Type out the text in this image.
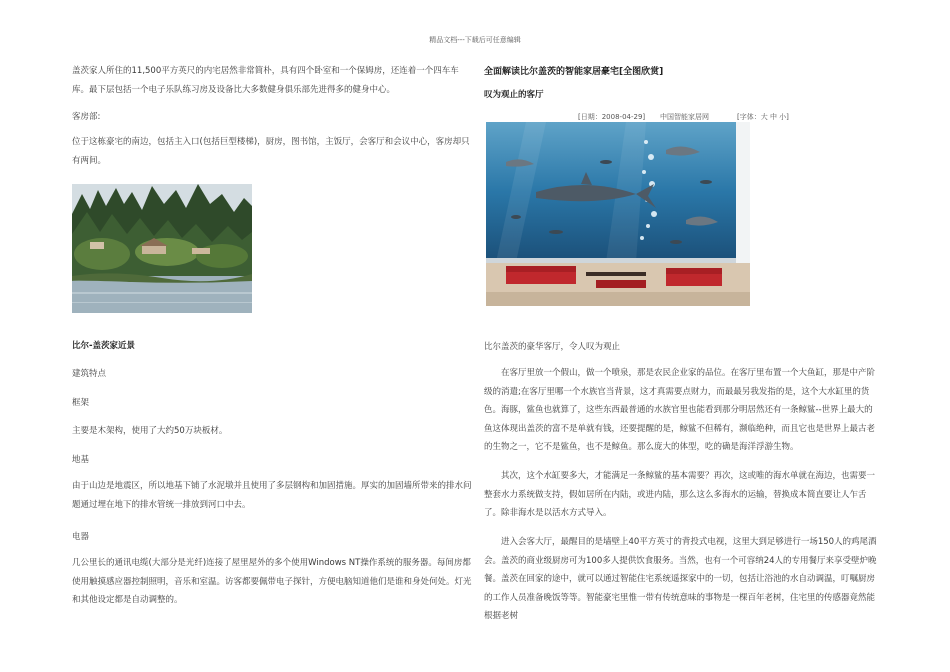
精品文档---下载后可任意编辑

盖茨家人所住的11,500平方英尺的内宅居然非常简朴，具有四个卧室和一个保姆房，还连着一个四车车库。最下层包括一个电子乐队练习房及设备比大多数健身俱乐部先进得多的健身中心。

客房部:

位于这栋豪宅的南边，包括主入口(包括巨型楼梯)，厨房，图书馆，主饭厅，会客厅和会议中心，客房却只有两间。

比尔-盖茨家近景
建筑特点
框架
主要是木架构，使用了大约50万块板材。
地基

由于山边是地震区，所以地基下铺了水泥墩并且使用了多层钢构和加固措施。厚实的加固墙所带来的排水问题通过埋在地下的排水管统一排放到河口中去。

电器

几公里长的通讯电缆(大部分是光纤)连接了屋里屋外的多个使用Windows NT操作系统的服务器。每间房都使用触摸感应器控制照明，音乐和室温。访客都要佩带电子探针，方便电脑知道他们是谁和身处何处。灯光和其他设定都是自动调整的。

全面解读比尔盖茨的智能家居豪宅[全图欣赏]
叹为观止的客厅
[日期：2008-04-29] 中国智能家居网	[字体：大 中 小]
比尔盖茨的豪华客厅，令人叹为观止

在客厅里放一个假山，做一个喷泉，那是农民企业家的品位。在客厅里布置一个大鱼缸，那是中产阶级的消遣;在客厅里哪一个水族官当背景，这才真需要点财力，而最最另我发指的是，这个大水缸里的货色。海豚，鲨鱼也就算了，这些东西最普通的水族官里也能看到那分明居然还有一条鲸鲨--世界上最大的鱼这体现出盖茨的富不是单就有钱，还要提醒的是，鲸鲨不但稀有，濒临绝种，而且它也是世界上最古老的生物之一，它不是鲨鱼，也不是鲸鱼。那么庞大的体型，吃的确是海洋浮游生物。

其次，这个水缸要多大，才能满足一条鲸鲨的基本需要？再次，这或唯的海水单就在海边，也需要一整套水力系统做支持，假如居所在内陆，或进内陆，那么这么多海水的运输，替换成本简直要让人乍舌了。除非海水是以活水方式导入。

进入会客大厅，最醒目的是墙壁上40平方英寸的背投式电视，这里大到足够进行一场150人的鸡尾酒会。盖茨的商业级厨房可为100多人提供饮食服务。当然，也有一个可容纳24人的专用餐厅来享受壁炉晚餐。盖茨在回家的途中，就可以通过智能住宅系统遥探家中的一切，包括让浴池的水自动调温，叮嘱厨房的工作人员准备晚饭等等。智能豪宅里惟一带有传统意味的事物是一棵百年老树，住宅里的传感器竟然能根据老树
